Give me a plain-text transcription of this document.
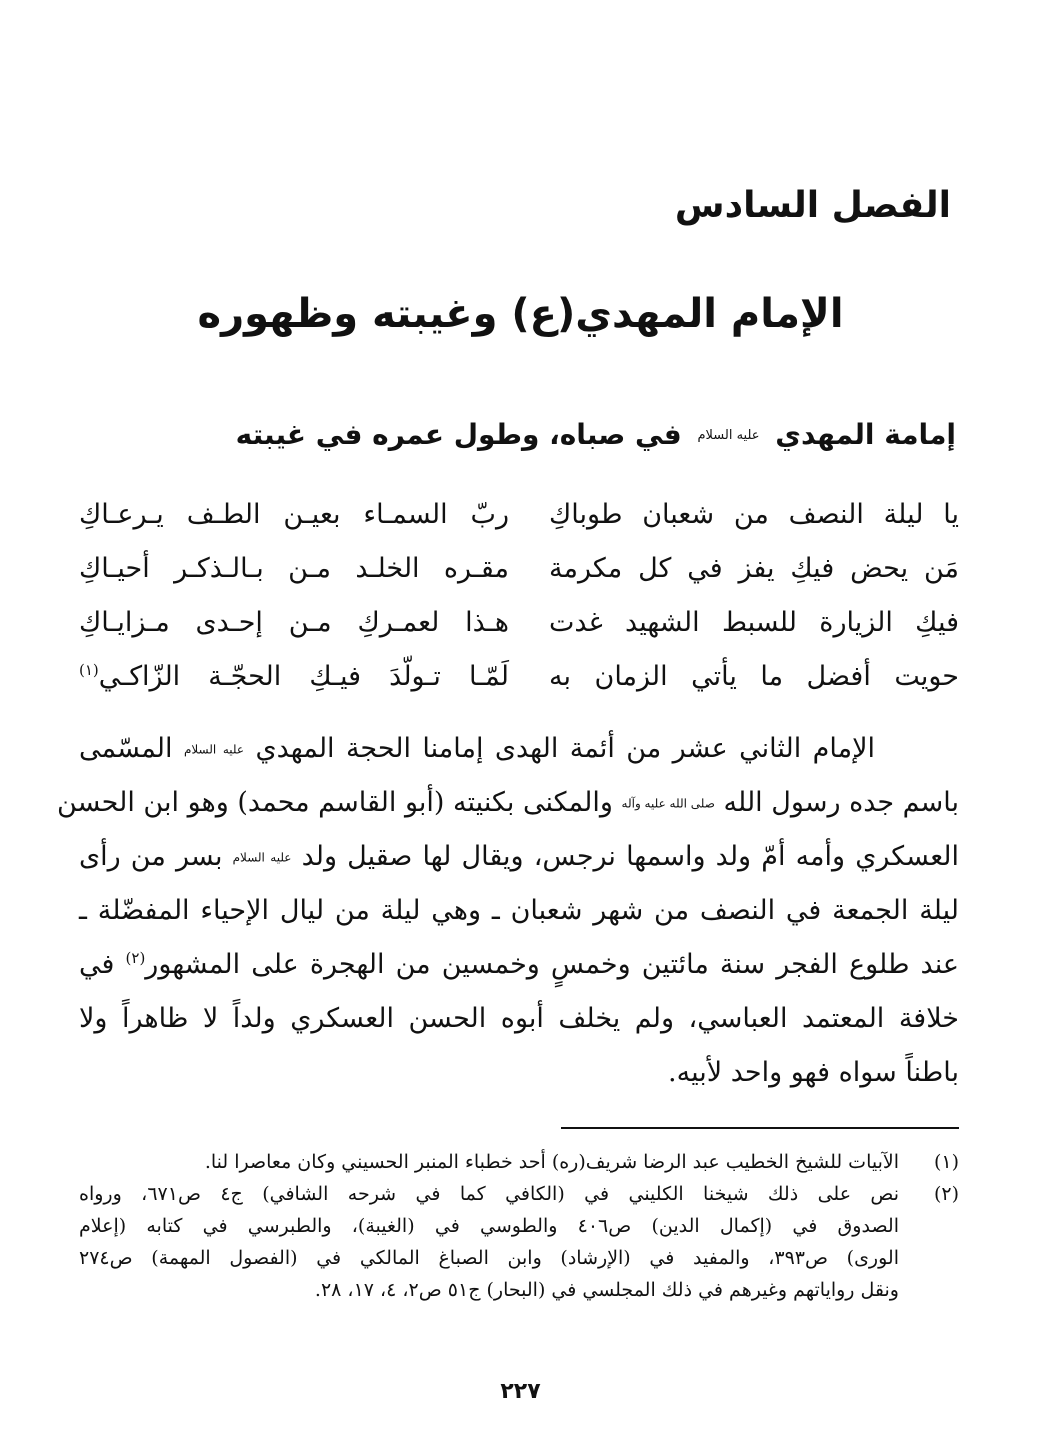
الفصل السادس
الإمام المهدي(ع) وغيبته وظهوره
إمامة المهدي عليه السلام في صباه، وطول عمره في غيبته
يا ليلة النصف من شعبان طوباكِ
ربّ السمـاء بعيـن الطـف يـرعـاكِ
مَن يحض فيكِ يفز في كل مكرمة
مقـره الخلـد مـن بـالـذكـر أحيـاكِ
فيكِ الزيارة للسبط الشهيد غدت
هـذا لعمـركِ مـن إحـدى مـزايـاكِ
حويت أفضل ما يأتي الزمان به
لَمّـا تـولّدَ فيـكِ الحجّـة الزّاكـي$^{(١)}$
الإمام الثاني عشر من أئمة الهدى إمامنا الحجة المهدي عليه السلام المسّمى
باسم جده رسول الله صلى الله عليه وآله والمكنى بكنيته (أبو القاسم محمد) وهو ابن الحسن
العسكري وأمه أمّ ولد واسمها نرجس، ويقال لها صقيل ولد عليه السلام بسر من رأى
ليلة الجمعة في النصف من شهر شعبان ـ وهي ليلة من ليال الإحياء المفضّلة ـ
عند طلوع الفجر سنة مائتين وخمسٍ وخمسين من الهجرة على المشهور$^{(٢)}$ في
خلافة المعتمد العباسي، ولم يخلف أبوه الحسن العسكري ولداً لا ظاهراً ولا
باطناً سواه فهو واحد لأبيه.
(١)
الآبيات للشيخ الخطيب عبد الرضا شريف(ره) أحد خطباء المنبر الحسيني وكان معاصرا لنا.
(٢)
نص على ذلك شيخنا الكليني في (الكافي كما في شرحه الشافي) ج٤ ص٦٧١، ورواه
الصدوق في (إكمال الدين) ص٤٠٦ والطوسي في (الغيبة)، والطبرسي في كتابه (إعلام
الورى) ص٣٩٣، والمفيد في (الإرشاد) وابن الصباغ المالكي في (الفصول المهمة) ص٢٧٤
ونقل رواياتهم وغيرهم في ذلك المجلسي في (البحار) ج٥١ ص٢، ٤، ١٧، ٢٨.
٢٢٧
